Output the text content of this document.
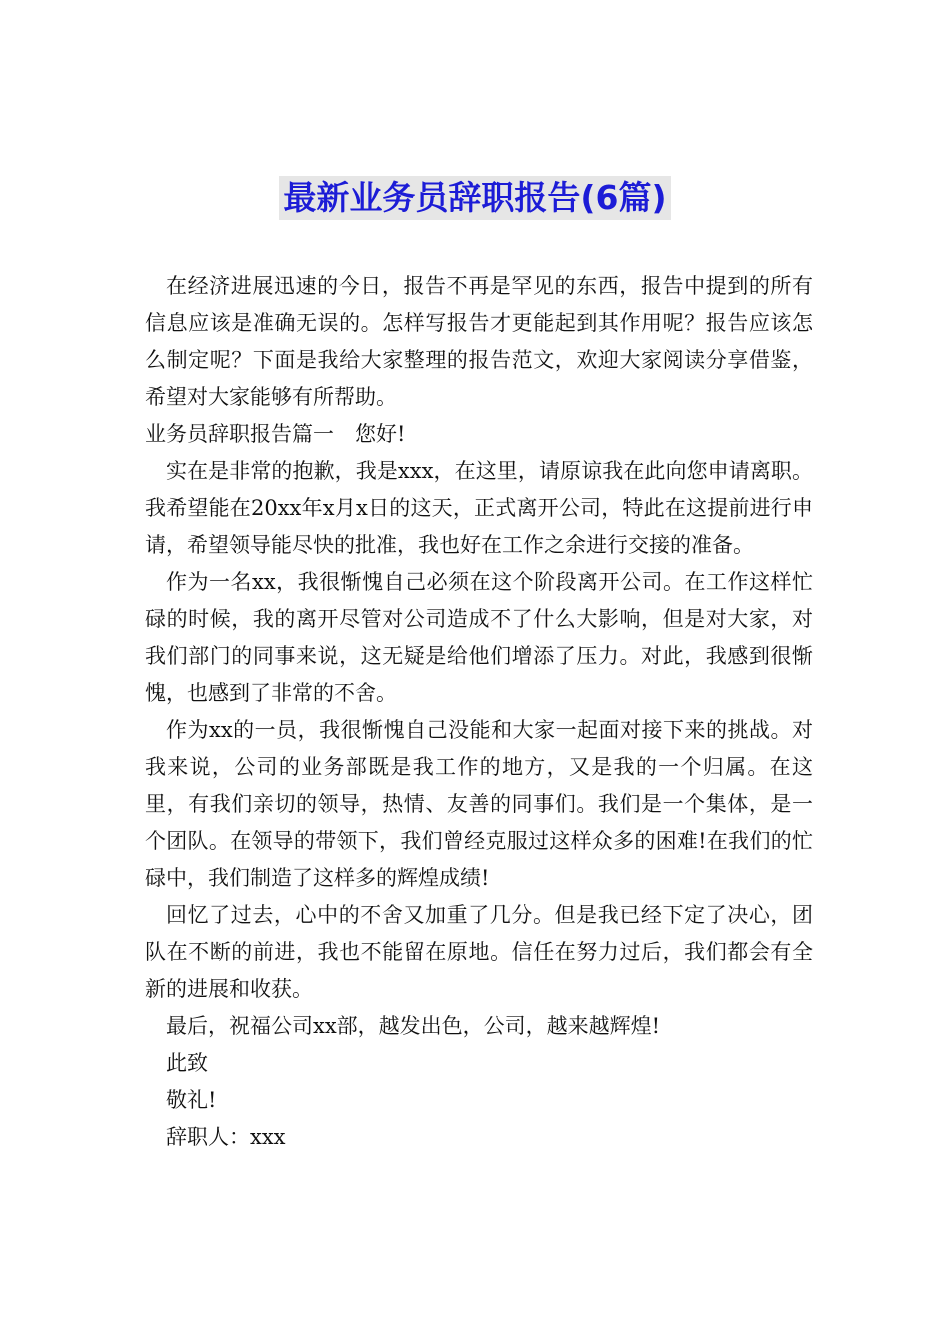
最新业务员辞职报告(6篇)

在经济进展迅速的今日，报告不再是罕见的东西，报告中提到的所有信息应该是准确无误的。怎样写报告才更能起到其作用呢？报告应该怎么制定呢？下面是我给大家整理的报告范文，欢迎大家阅读分享借鉴，希望对大家能够有所帮助。

业务员辞职报告篇一　您好!

实在是非常的抱歉，我是xxx，在这里，请原谅我在此向您申请离职。我希望能在20xx年x月x日的这天，正式离开公司，特此在这提前进行申请，希望领导能尽快的批准，我也好在工作之余进行交接的准备。

作为一名xx，我很惭愧自己必须在这个阶段离开公司。在工作这样忙碌的时候，我的离开尽管对公司造成不了什么大影响，但是对大家，对我们部门的同事来说，这无疑是给他们增添了压力。对此，我感到很惭愧，也感到了非常的不舍。

作为xx的一员，我很惭愧自己没能和大家一起面对接下来的挑战。对我来说，公司的业务部既是我工作的地方，又是我的一个归属。在这里，有我们亲切的领导，热情、友善的同事们。我们是一个集体，是一个团队。在领导的带领下，我们曾经克服过这样众多的困难!在我们的忙碌中，我们制造了这样多的辉煌成绩!

回忆了过去，心中的不舍又加重了几分。但是我已经下定了决心，团队在不断的前进，我也不能留在原地。信任在努力过后，我们都会有全新的进展和收获。

最后，祝福公司xx部，越发出色，公司，越来越辉煌!

此致

敬礼!

辞职人：xxx
